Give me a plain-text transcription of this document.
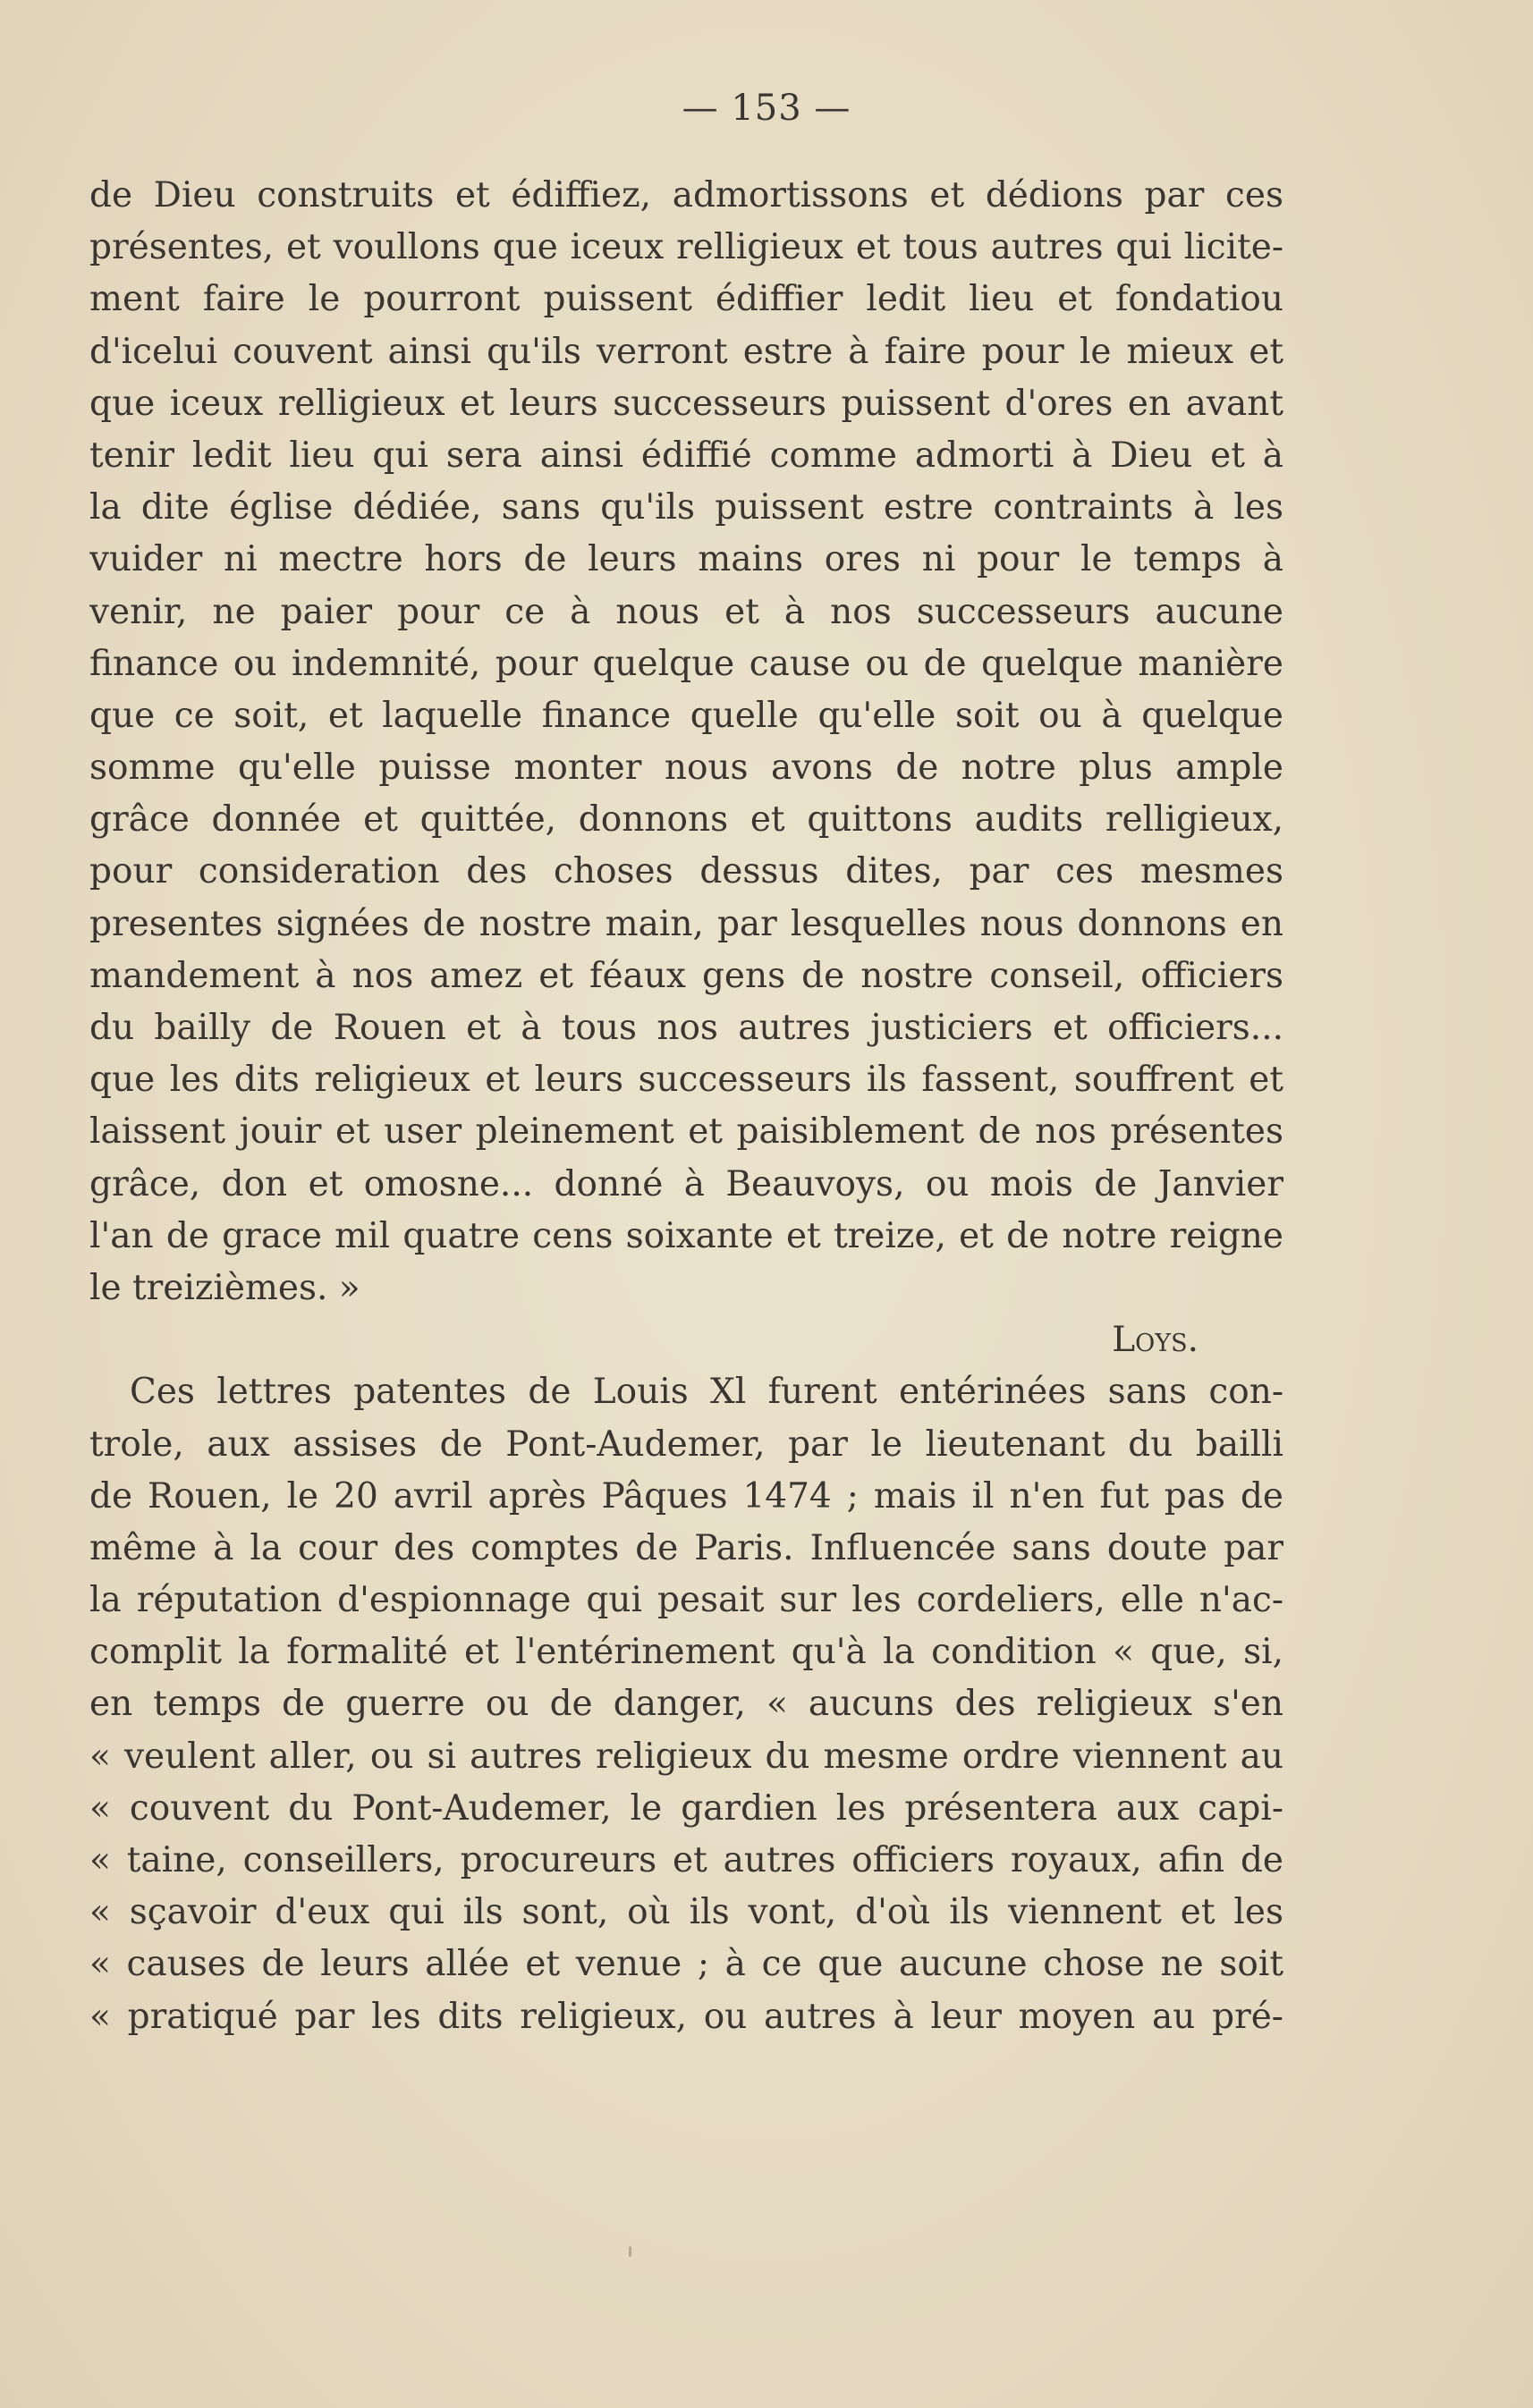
— 153 —
de Dieu construits et édiffiez, admortissons et dédions par ces
présentes, et voullons que iceux relligieux et tous autres qui licite-
ment faire le pourront puissent édiffier ledit lieu et fondatiou
d'icelui couvent ainsi qu'ils verront estre à faire pour le mieux et
que iceux relligieux et leurs successeurs puissent d'ores en avant
tenir ledit lieu qui sera ainsi édiffié comme admorti à Dieu et à
la dite église dédiée, sans qu'ils puissent estre contraints à les
vuider ni mectre hors de leurs mains ores ni pour le temps à
venir, ne paier pour ce à nous et à nos successeurs aucune
finance ou indemnité, pour quelque cause ou de quelque manière
que ce soit, et laquelle finance quelle qu'elle soit ou à quelque
somme qu'elle puisse monter nous avons de notre plus ample
grâce donnée et quittée, donnons et quittons audits relligieux,
pour consideration des choses dessus dites, par ces mesmes
presentes signées de nostre main, par lesquelles nous donnons en
mandement à nos amez et féaux gens de nostre conseil, officiers
du bailly de Rouen et à tous nos autres justiciers et officiers...
que les dits religieux et leurs successeurs ils fassent, souffrent et
laissent jouir et user pleinement et paisiblement de nos présentes
grâce, don et omosne... donné à Beauvoys, ou mois de Janvier
l'an de grace mil quatre cens soixante et treize, et de notre reigne
le treizièmes. »
Loys.
Ces lettres patentes de Louis Xl furent entérinées sans con-
trole, aux assises de Pont-Audemer, par le lieutenant du bailli
de Rouen, le 20 avril après Pâques 1474 ; mais il n'en fut pas de
même à la cour des comptes de Paris. Influencée sans doute par
la réputation d'espionnage qui pesait sur les cordeliers, elle n'ac-
complit la formalité et l'entérinement qu'à la condition « que, si,
en temps de guerre ou de danger, « aucuns des religieux s'en
« veulent aller, ou si autres religieux du mesme ordre viennent au
« couvent du Pont-Audemer, le gardien les présentera aux capi-
« taine, conseillers, procureurs et autres officiers royaux, afin de
« sçavoir d'eux qui ils sont, où ils vont, d'où ils viennent et les
« causes de leurs allée et venue ; à ce que aucune chose ne soit
« pratiqué par les dits religieux, ou autres à leur moyen au pré-
